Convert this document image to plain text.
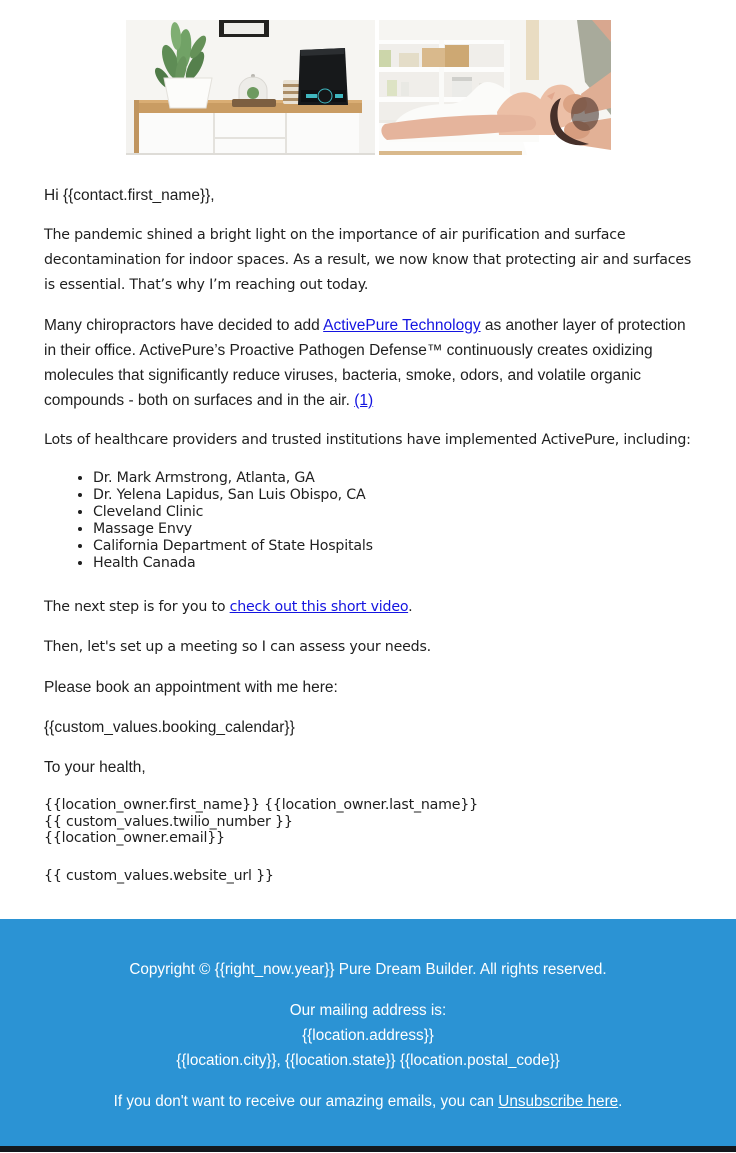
Hi {{contact.first_name}},

The pandemic shined a bright light on the importance of air purification and surface decontamination for indoor spaces. As a result, we now know that protecting air and surfaces is essential. That’s why I’m reaching out today.

Many chiropractors have decided to add ActivePure Technology as another layer of protection in their office. ActivePure’s Proactive Pathogen Defense™ continuously creates oxidizing molecules that significantly reduce viruses, bacteria, smoke, odors, and volatile organic compounds - both on surfaces and in the air. (1)

Lots of healthcare providers and trusted institutions have implemented ActivePure, including:

• Dr. Mark Armstrong, Atlanta, GA
• Dr. Yelena Lapidus, San Luis Obispo, CA
• Cleveland Clinic
• Massage Envy
• California Department of State Hospitals
• Health Canada

The next step is for you to check out this short video.

Then, let's set up a meeting so I can assess your needs.

Please book an appointment with me here:

{{custom_values.booking_calendar}}

To your health,

{{location_owner.first_name}} {{location_owner.last_name}}
{{ custom_values.twilio_number }}
{{location_owner.email}}

{{ custom_values.website_url }}

Copyright © {{right_now.year}} Pure Dream Builder. All rights reserved.

Our mailing address is:
{{location.address}}
{{location.city}}, {{location.state}} {{location.postal_code}}

If you don't want to receive our amazing emails, you can Unsubscribe here.
